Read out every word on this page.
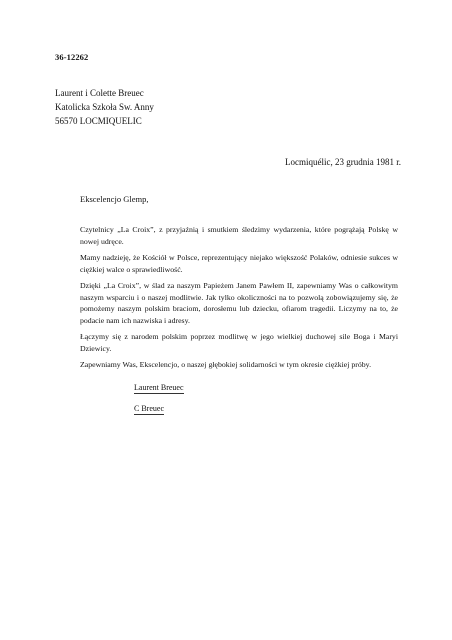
36-12262
Laurent i Colette Breuec
Katolicka Szkoła Sw. Anny
56570 LOCMIQUELIC
Locmiquélic, 23 grudnia 1981 r.
Ekscelencjo Glemp,

Czytelnicy „La Croix”, z przyjaźnią i smutkiem śledzimy wydarzenia, które pogrążają Polskę w nowej udręce.

Mamy nadzieję, że Kościół w Polsce, reprezentujący niejako większość Polaków, odniesie sukces w ciężkiej walce o sprawiedliwość.

Dzięki „La Croix”, w ślad za naszym Papieżem Janem Pawłem II, zapewniamy Was o całkowitym naszym wsparciu i o naszej modlitwie. Jak tylko okoliczności na to pozwolą zobowiązujemy się, że pomożemy naszym polskim braciom, dorosłemu lub dziecku, ofiarom tragedii. Liczymy na to, że podacie nam ich nazwiska i adresy.

Łączymy się z narodem polskim poprzez modlitwę w jego wielkiej duchowej sile Boga i Maryi Dziewicy.

Zapewniamy Was, Ekscelencjo, o naszej głębokiej solidarności w tym okresie ciężkiej próby.

Laurent Breuec
C Breuec
